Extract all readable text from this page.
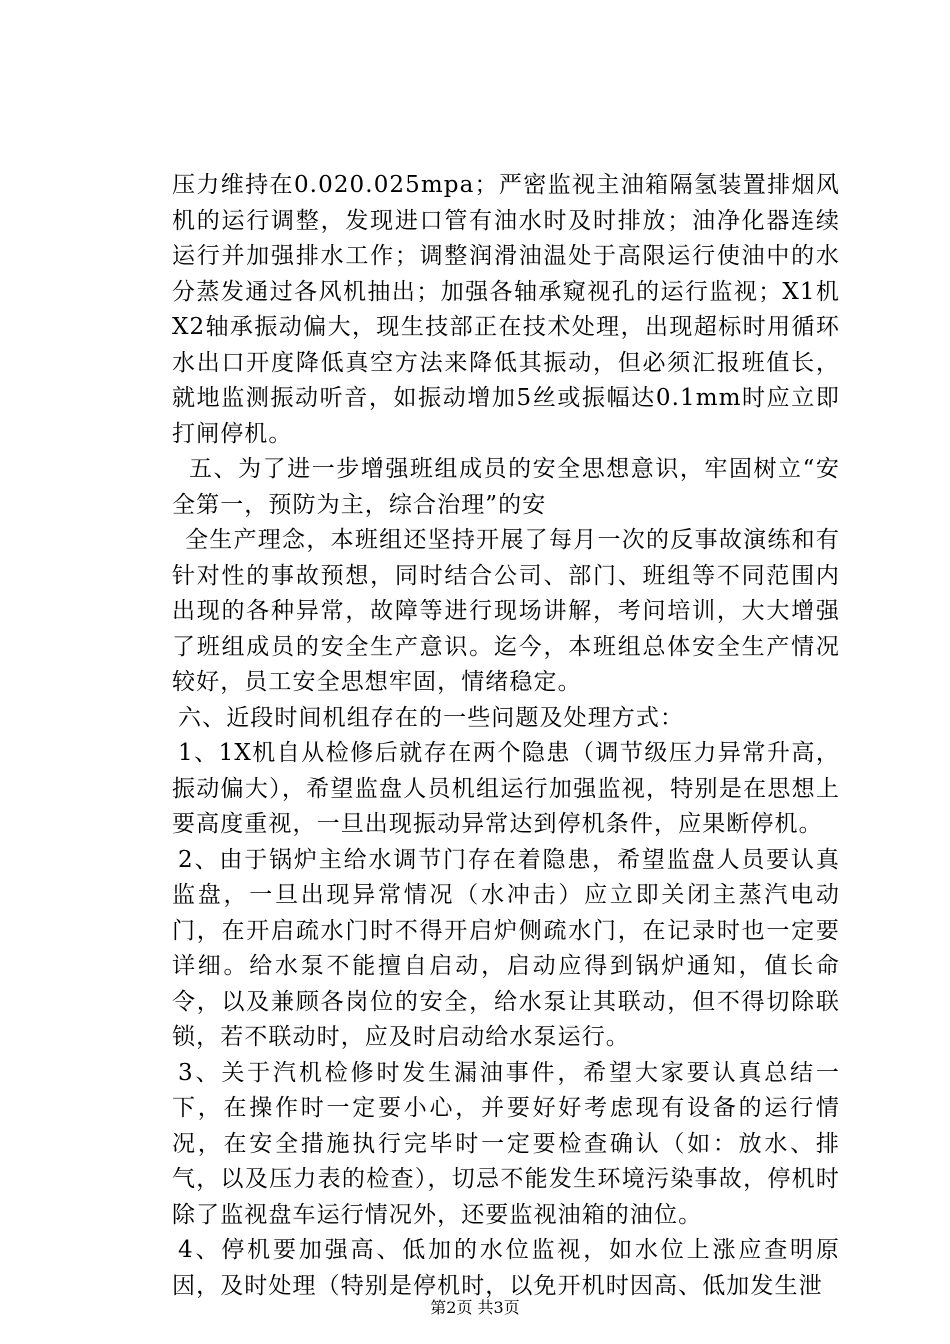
压力维持在0.020.025mpa；严密监视主油箱隔氢装置排烟风机的运行调整，发现进口管有油水时及时排放；油净化器连续运行并加强排水工作；调整润滑油温处于高限运行使油中的水分蒸发通过各风机抽出；加强各轴承窥视孔的运行监视；X1机X2轴承振动偏大，现生技部正在技术处理，出现超标时用循环水出口开度降低真空方法来降低其振动，但必须汇报班值长，就地监测振动听音，如振动增加5丝或振幅达0.1mm时应立即打闸停机。

五、为了进一步增强班组成员的安全思想意识，牢固树立“安全第一，预防为主，综合治理”的安

全生产理念，本班组还坚持开展了每月一次的反事故演练和有针对性的事故预想，同时结合公司、部门、班组等不同范围内出现的各种异常，故障等进行现场讲解，考问培训，大大增强了班组成员的安全生产意识。迄今，本班组总体安全生产情况较好，员工安全思想牢固，情绪稳定。

六、近段时间机组存在的一些问题及处理方式：

1、1X机自从检修后就存在两个隐患（调节级压力异常升高，振动偏大），希望监盘人员机组运行加强监视，特别是在思想上要高度重视，一旦出现振动异常达到停机条件，应果断停机。

2、由于锅炉主给水调节门存在着隐患，希望监盘人员要认真监盘，一旦出现异常情况（水冲击）应立即关闭主蒸汽电动门，在开启疏水门时不得开启炉侧疏水门，在记录时也一定要详细。给水泵不能擅自启动，启动应得到锅炉通知，值长命令，以及兼顾各岗位的安全，给水泵让其联动，但不得切除联锁，若不联动时，应及时启动给水泵运行。

3、关于汽机检修时发生漏油事件，希望大家要认真总结一下，在操作时一定要小心，并要好好考虑现有设备的运行情况，在安全措施执行完毕时一定要检查确认（如：放水、排气，以及压力表的检查），切忌不能发生环境污染事故，停机时除了监视盘车运行情况外，还要监视油箱的油位。

4、停机要加强高、低加的水位监视，如水位上涨应查明原因，及时处理（特别是停机时，以免开机时因高、低加发生泄

第2页 共3页
